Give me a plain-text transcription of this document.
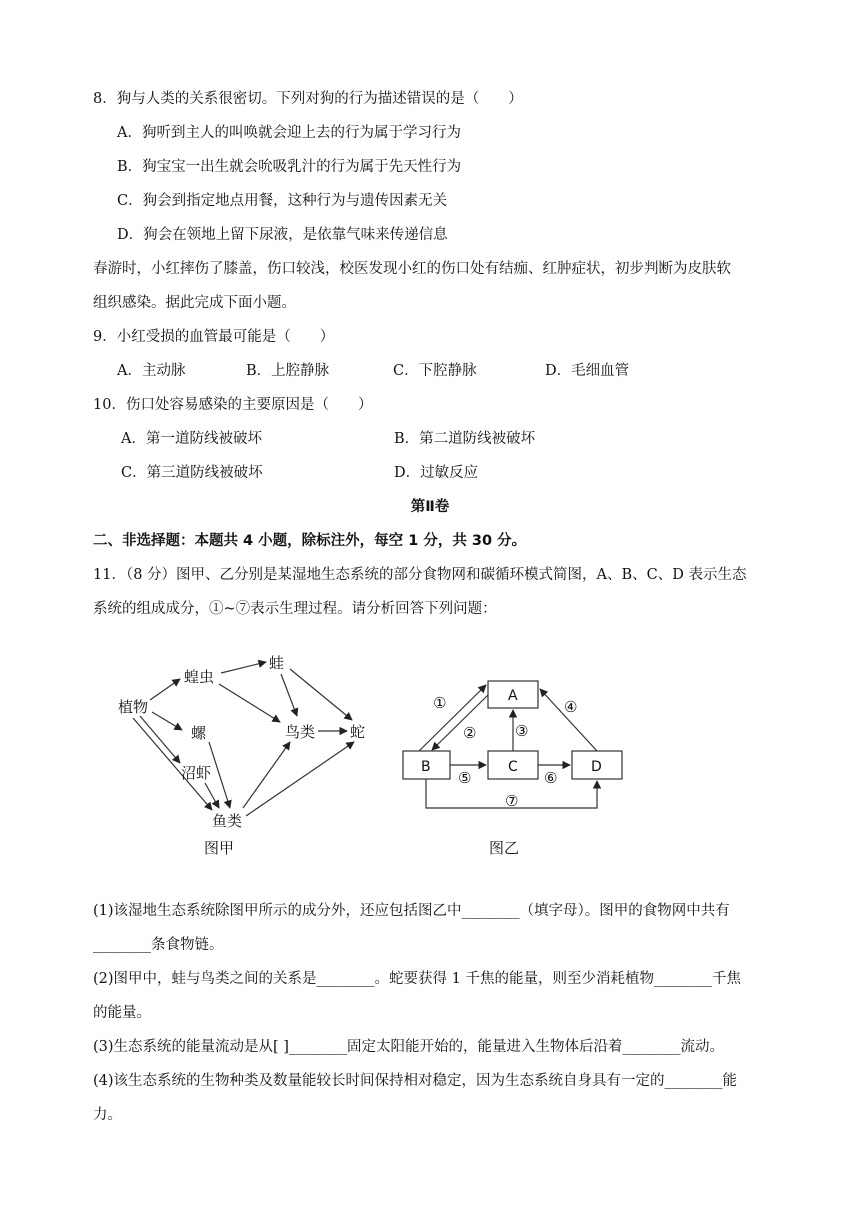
8．狗与人类的关系很密切。下列对狗的行为描述错误的是（　　）
A．狗听到主人的叫唤就会迎上去的行为属于学习行为
B．狗宝宝一出生就会吮吸乳汁的行为属于先天性行为
C．狗会到指定地点用餐，这种行为与遗传因素无关
D．狗会在领地上留下尿液，是依靠气味来传递信息
春游时，小红摔伤了膝盖，伤口较浅，校医发现小红的伤口处有结痂、红肿症状，初步判断为皮肤软
组织感染。据此完成下面小题。
9．小红受损的血管最可能是（　　）
A．主动脉	B．上腔静脉	C．下腔静脉	D．毛细血管
10．伤口处容易感染的主要原因是（　　）
A．第一道防线被破坏	B．第二道防线被破坏
C．第三道防线被破坏	D．过敏反应
第Ⅱ卷
二、非选择题：本题共 4 小题，除标注外，每空 1 分，共 30 分。
11．（8 分）图甲、乙分别是某湿地生态系统的部分食物网和碳循环模式简图，A、B、C、D 表示生态
系统的组成成分，①~⑦表示生理过程。请分析回答下列问题：
植物
蝗虫
蛙
螺	鸟类 蛇
沼虾
鱼类
图甲
A
B	C	D
①
②	③
④
⑤	⑥
⑦
图乙
(1)该湿地生态系统除图甲所示的成分外，还应包括图乙中________（填字母）。图甲的食物网中共有
________条食物链。
(2)图甲中，蛙与鸟类之间的关系是________。蛇要获得 1 千焦的能量，则至少消耗植物________千焦
的能量。
(3)生态系统的能量流动是从[ ]________固定太阳能开始的，能量进入生物体后沿着________流动。
(4)该生态系统的生物种类及数量能较长时间保持相对稳定，因为生态系统自身具有一定的________能
力。
